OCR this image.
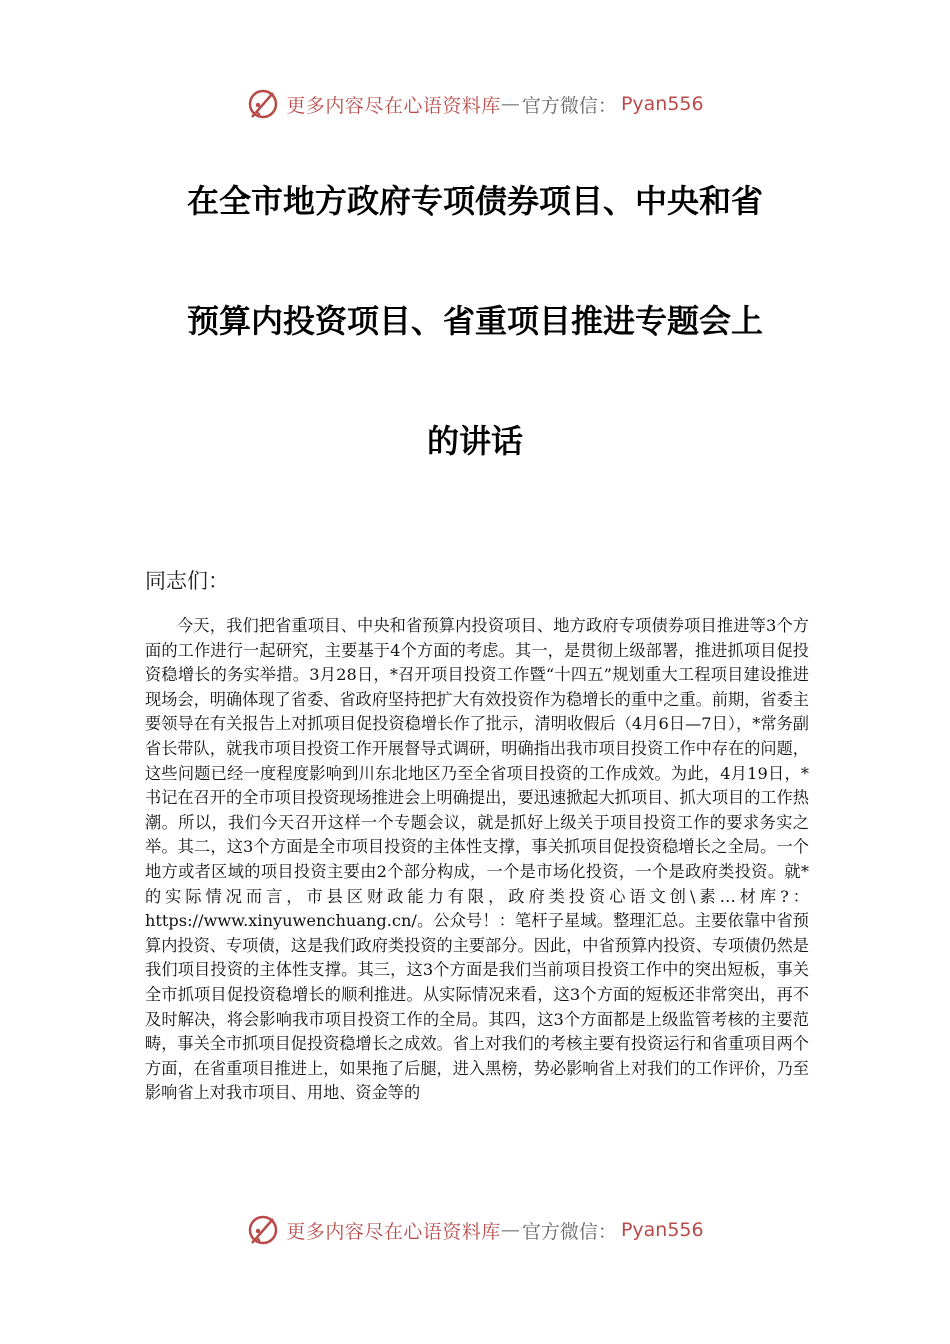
更多内容尽在心语资料库 — 官方微信： Pyan556
在全市地方政府专项债券项目、中央和省
预算内投资项目、省重项目推进专题会上
的讲话
同志们：
今天，我们把省重项目、中央和省预算内投资项目、地方政府专项债券项目推进等3个方面的工作进行一起研究，主要基于4个方面的考虑。其一，是贯彻上级部署，推进抓项目促投资稳增长的务实举措。3月28日，*召开项目投资工作暨“十四五”规划重大工程项目建设推进现场会，明确体现了省委、省政府坚持把扩大有效投资作为稳增长的重中之重。前期，省委主要领导在有关报告上对抓项目促投资稳增长作了批示，清明收假后（4月6日—7日），*常务副省长带队，就我市项目投资工作开展督导式调研，明确指出我市项目投资工作中存在的问题，这些问题已经一度程度影响到川东北地区乃至全省项目投资的工作成效。为此，4月19日，*书记在召开的全市项目投资现场推进会上明确提出，要迅速掀起大抓项目、抓大项目的工作热潮。所以，我们今天召开这样一个专题会议，就是抓好上级关于项目投资工作的要求务实之举。其二，这3个方面是全市项目投资的主体性支撑，事关抓项目促投资稳增长之全局。一个地方或者区域的项目投资主要由2个部分构成，一个是市场化投资，一个是政府类投资。就*的实际情况而言，市县区财政能力有限，政府类投资心语文创\素…材库?：https://www.xinyuwenchuang.cn/。公众号！：笔杆子星域。整理汇总。主要依靠中省预算内投资、专项债，这是我们政府类投资的主要部分。因此，中省预算内投资、专项债仍然是我们项目投资的主体性支撑。其三，这3个方面是我们当前项目投资工作中的突出短板，事关全市抓项目促投资稳增长的顺利推进。从实际情况来看，这3个方面的短板还非常突出，再不及时解决，将会影响我市项目投资工作的全局。其四，这3个方面都是上级监管考核的主要范畴，事关全市抓项目促投资稳增长之成效。省上对我们的考核主要有投资运行和省重项目两个方面，在省重项目推进上，如果拖了后腿，进入黑榜，势必影响省上对我们的工作评价，乃至影响省上对我市项目、用地、资金等的
更多内容尽在心语资料库 — 官方微信： Pyan556
